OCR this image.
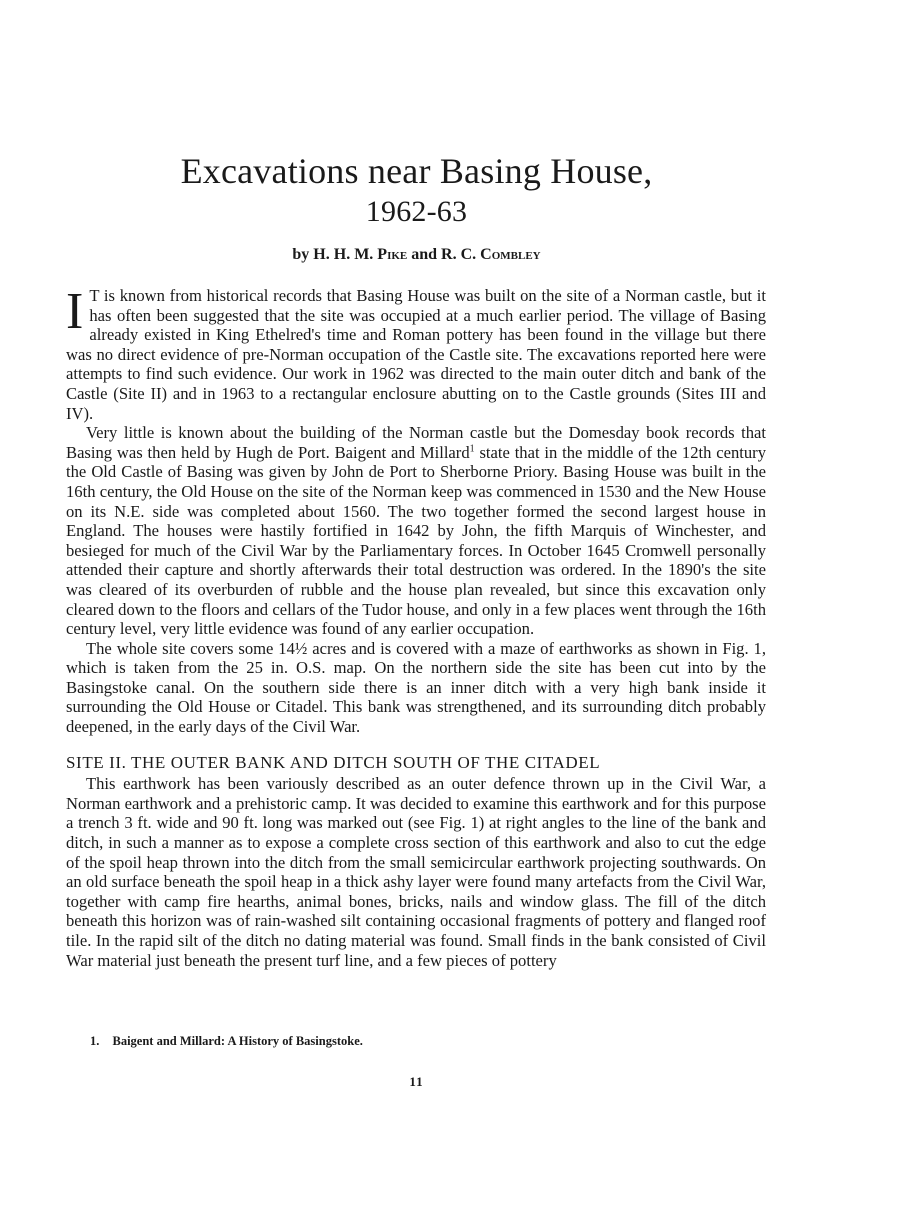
Excavations near Basing House,
1962-63
by H. H. M. Pike and R. C. Combley

I T is known from historical records that Basing House was built on the site of a Norman castle, but it has often been suggested that the site was occupied at a much earlier period. The village of Basing already existed in King Ethelred's time and Roman pottery has been found in the village but there was no direct evidence of pre-Norman occupation of the Castle site. The excavations reported here were attempts to find such evidence. Our work in 1962 was directed to the main outer ditch and bank of the Castle (Site II) and in 1963 to a rectangular enclosure abutting on to the Castle grounds (Sites III and IV).

Very little is known about the building of the Norman castle but the Domesday book records that Basing was then held by Hugh de Port. Baigent and Millard$^1$ state that in the middle of the 12th century the Old Castle of Basing was given by John de Port to Sherborne Priory. Basing House was built in the 16th century, the Old House on the site of the Norman keep was commenced in 1530 and the New House on its N.E. side was completed about 1560. The two together formed the second largest house in England. The houses were hastily fortified in 1642 by John, the fifth Marquis of Winchester, and besieged for much of the Civil War by the Parliamentary forces. In October 1645 Cromwell personally attended their capture and shortly afterwards their total destruction was ordered. In the 1890's the site was cleared of its overburden of rubble and the house plan revealed, but since this excavation only cleared down to the floors and cellars of the Tudor house, and only in a few places went through the 16th century level, very little evidence was found of any earlier occupation.

The whole site covers some 14½ acres and is covered with a maze of earthworks as shown in Fig. 1, which is taken from the 25 in. O.S. map. On the northern side the site has been cut into by the Basingstoke canal. On the southern side there is an inner ditch with a very high bank inside it surrounding the Old House or Citadel. This bank was strengthened, and its surrounding ditch probably deepened, in the early days of the Civil War.

SITE II. THE OUTER BANK AND DITCH SOUTH OF THE CITADEL

This earthwork has been variously described as an outer defence thrown up in the Civil War, a Norman earthwork and a prehistoric camp. It was decided to examine this earthwork and for this purpose a trench 3 ft. wide and 90 ft. long was marked out (see Fig. 1) at right angles to the line of the bank and ditch, in such a manner as to expose a complete cross section of this earthwork and also to cut the edge of the spoil heap thrown into the ditch from the small semicircular earthwork projecting southwards. On an old surface beneath the spoil heap in a thick ashy layer were found many artefacts from the Civil War, together with camp fire hearths, animal bones, bricks, nails and window glass. The fill of the ditch beneath this horizon was of rain-washed silt containing occasional fragments of pottery and flanged roof tile. In the rapid silt of the ditch no dating material was found. Small finds in the bank consisted of Civil War material just beneath the present turf line, and a few pieces of pottery

1. Baigent and Millard: A History of Basingstoke.
11
